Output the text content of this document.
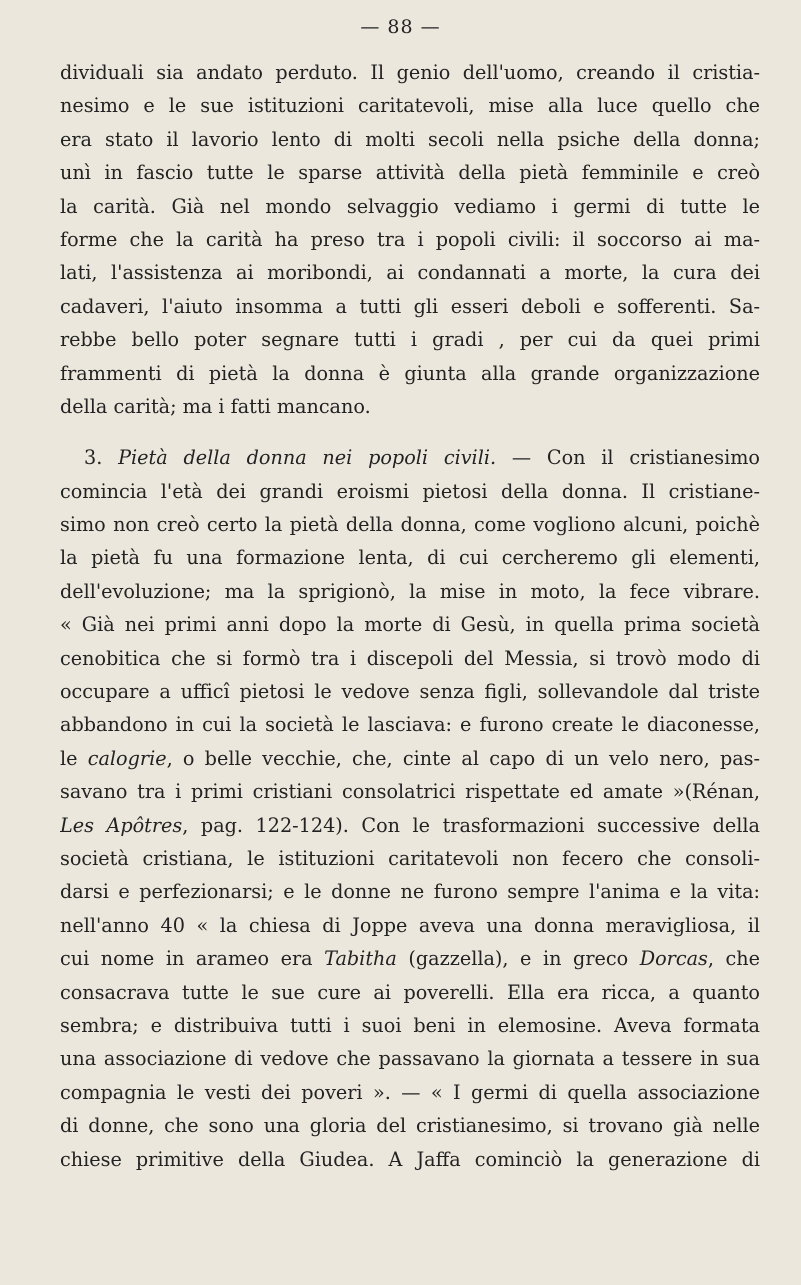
— 88 —
dividuali sia andato perduto. Il genio dell'uomo, creando il cristia-
nesimo e le sue istituzioni caritatevoli, mise alla luce quello che
era stato il lavorio lento di molti secoli nella psiche della donna;
unì in fascio tutte le sparse attività della pietà femminile e creò
la carità. Già nel mondo selvaggio vediamo i germi di tutte le
forme che la carità ha preso tra i popoli civili: il soccorso ai ma-
lati, l'assistenza ai moribondi, ai condannati a morte, la cura dei
cadaveri, l'aiuto insomma a tutti gli esseri deboli e sofferenti. Sa-
rebbe bello poter segnare tutti i gradi , per cui da quei primi
frammenti di pietà la donna è giunta alla grande organizzazione
della carità; ma i fatti mancano.
3. Pietà della donna nei popoli civili. — Con il cristianesimo
comincia l'età dei grandi eroismi pietosi della donna. Il cristiane-
simo non creò certo la pietà della donna, come vogliono alcuni, poichè
la pietà fu una formazione lenta, di cui cercheremo gli elementi,
dell'evoluzione; ma la sprigionò, la mise in moto, la fece vibrare.
« Già nei primi anni dopo la morte di Gesù, in quella prima società
cenobitica che si formò tra i discepoli del Messia, si trovò modo di
occupare a ufficî pietosi le vedove senza figli, sollevandole dal triste
abbandono in cui la società le lasciava: e furono create le diaconesse,
le calogrie, o belle vecchie, che, cinte al capo di un velo nero, pas-
savano tra i primi cristiani consolatrici rispettate ed amate »(Rénan,
Les Apôtres, pag. 122-124). Con le trasformazioni successive della
società cristiana, le istituzioni caritatevoli non fecero che consoli-
darsi e perfezionarsi; e le donne ne furono sempre l'anima e la vita:
nell'anno 40 « la chiesa di Joppe aveva una donna meravigliosa, il
cui nome in arameo era Tabitha (gazzella), e in greco Dorcas, che
consacrava tutte le sue cure ai poverelli. Ella era ricca, a quanto
sembra; e distribuiva tutti i suoi beni in elemosine. Aveva formata
una associazione di vedove che passavano la giornata a tessere in sua
compagnia le vesti dei poveri ». — « I germi di quella associazione
di donne, che sono una gloria del cristianesimo, si trovano già nelle
chiese primitive della Giudea. A Jaffa cominciò la generazione di
